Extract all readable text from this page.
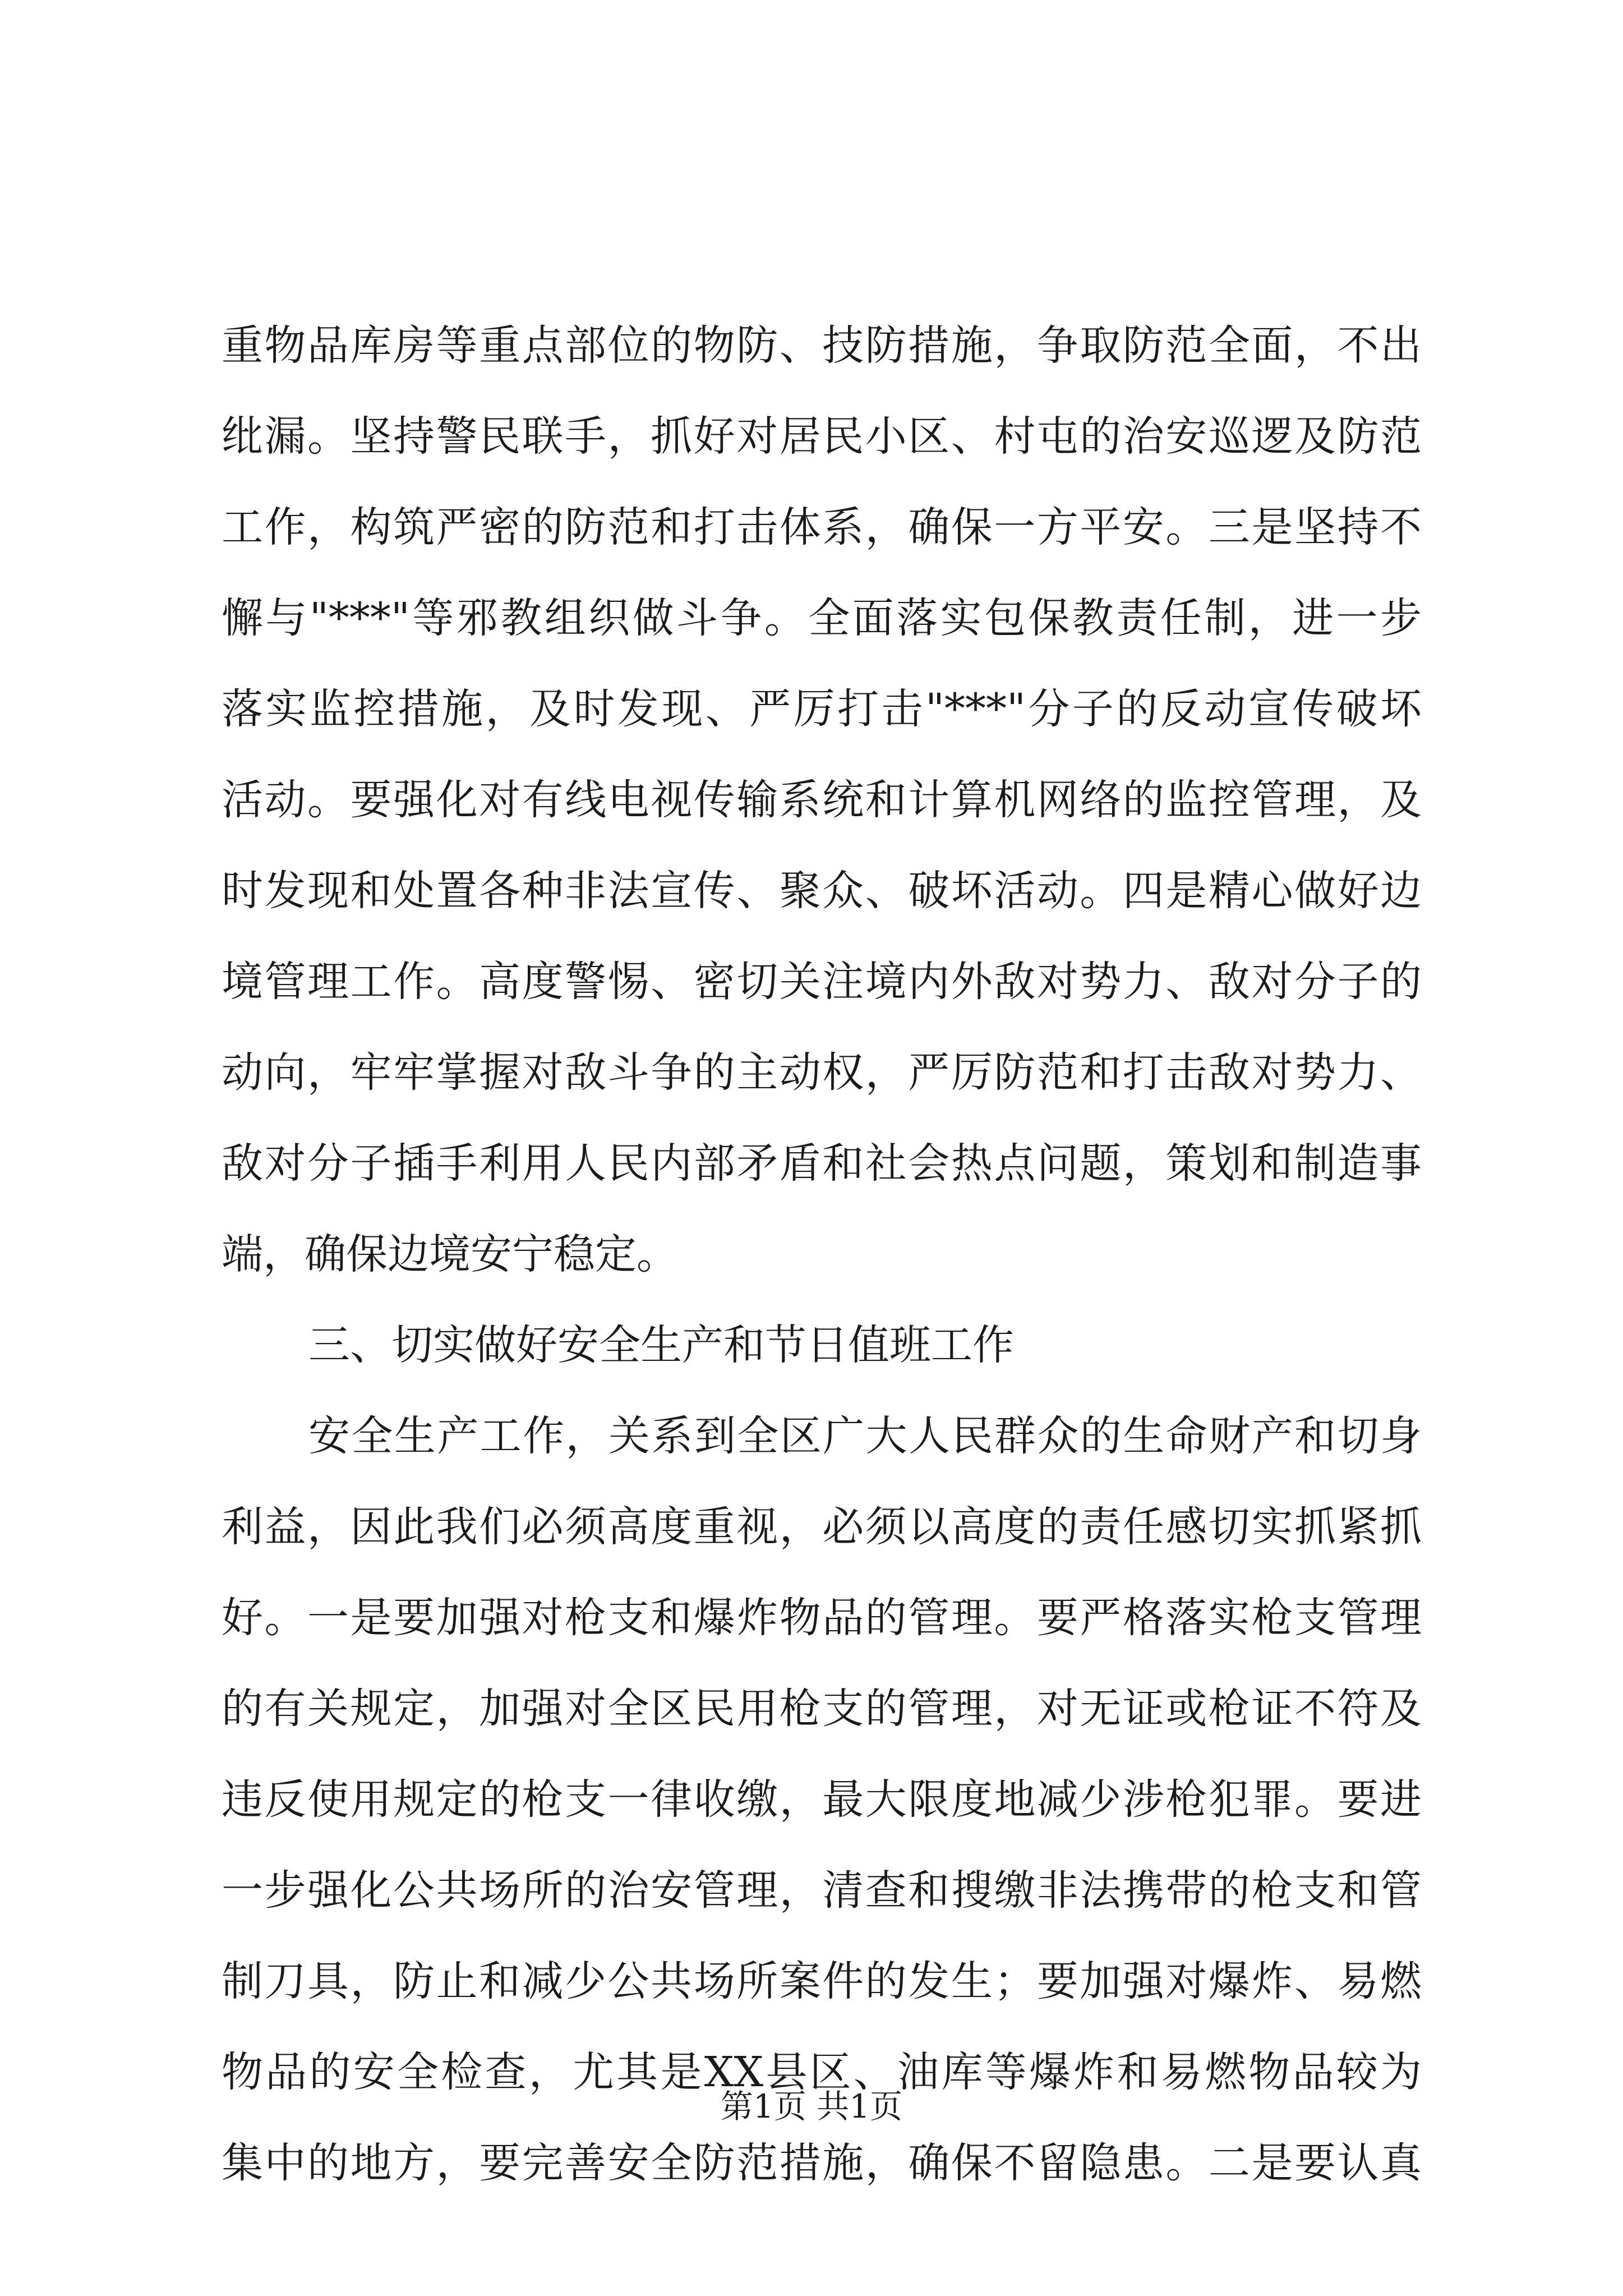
重物品库房等重点部位的物防、技防措施，争取防范全面，不出
纰漏。坚持警民联手，抓好对居民小区、村屯的治安巡逻及防范
工作，构筑严密的防范和打击体系，确保一方平安。三是坚持不
懈与"***"等邪教组织做斗争。全面落实包保教责任制，进一步
落实监控措施，及时发现、严厉打击"***"分子的反动宣传破坏
活动。要强化对有线电视传输系统和计算机网络的监控管理，及
时发现和处置各种非法宣传、聚众、破坏活动。四是精心做好边
境管理工作。高度警惕、密切关注境内外敌对势力、敌对分子的
动向，牢牢掌握对敌斗争的主动权，严厉防范和打击敌对势力、
敌对分子插手利用人民内部矛盾和社会热点问题，策划和制造事
端，确保边境安宁稳定。
三、切实做好安全生产和节日值班工作
安全生产工作，关系到全区广大人民群众的生命财产和切身
利益，因此我们必须高度重视，必须以高度的责任感切实抓紧抓
好。一是要加强对枪支和爆炸物品的管理。要严格落实枪支管理
的有关规定，加强对全区民用枪支的管理，对无证或枪证不符及
违反使用规定的枪支一律收缴，最大限度地减少涉枪犯罪。要进
一步强化公共场所的治安管理，清查和搜缴非法携带的枪支和管
制刀具，防止和减少公共场所案件的发生；要加强对爆炸、易燃
物品的安全检查，尤其是XX县区、油库等爆炸和易燃物品较为
集中的地方，要完善安全防范措施，确保不留隐患。二是要认真
第1页 共1页
